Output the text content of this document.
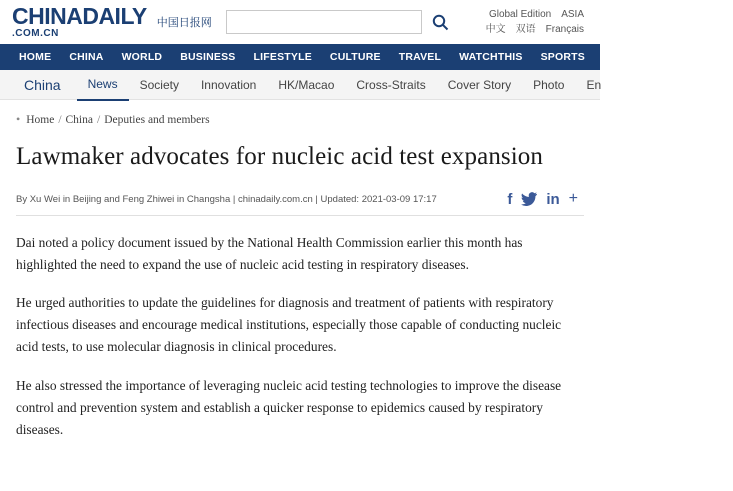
CHINADAILY
.COM.CN
中国日报网
Global Edition ASIA
中文 双语 Français
HOME	CHINA	WORLD	BUSINESS	LIFESTYLE	CULTURE	TRAVEL	WATCHTHIS	SPORTS	OPINION	REGIONAL
China	News	Society	Innovation	HK/Macao	Cross-Straits	Cover Story	Photo	En
• Home / China / Deputies and members
Lawmaker advocates for nucleic acid test expansion
By Xu Wei in Beijing and Feng Zhiwei in Changsha | chinadaily.com.cn | Updated: 2021-03-09 17:17	f in +

Dai noted a policy document issued by the National Health Commission earlier this month has highlighted the need to expand the use of nucleic acid testing in respiratory diseases.

He urged authorities to update the guidelines for diagnosis and treatment of patients with respiratory infectious diseases and encourage medical institutions, especially those capable of conducting nucleic acid tests, to use molecular diagnosis in clinical procedures.

He also stressed the importance of leveraging nucleic acid testing technologies to improve the disease control and prevention system and establish a quicker response to epidemics caused by respiratory diseases.
